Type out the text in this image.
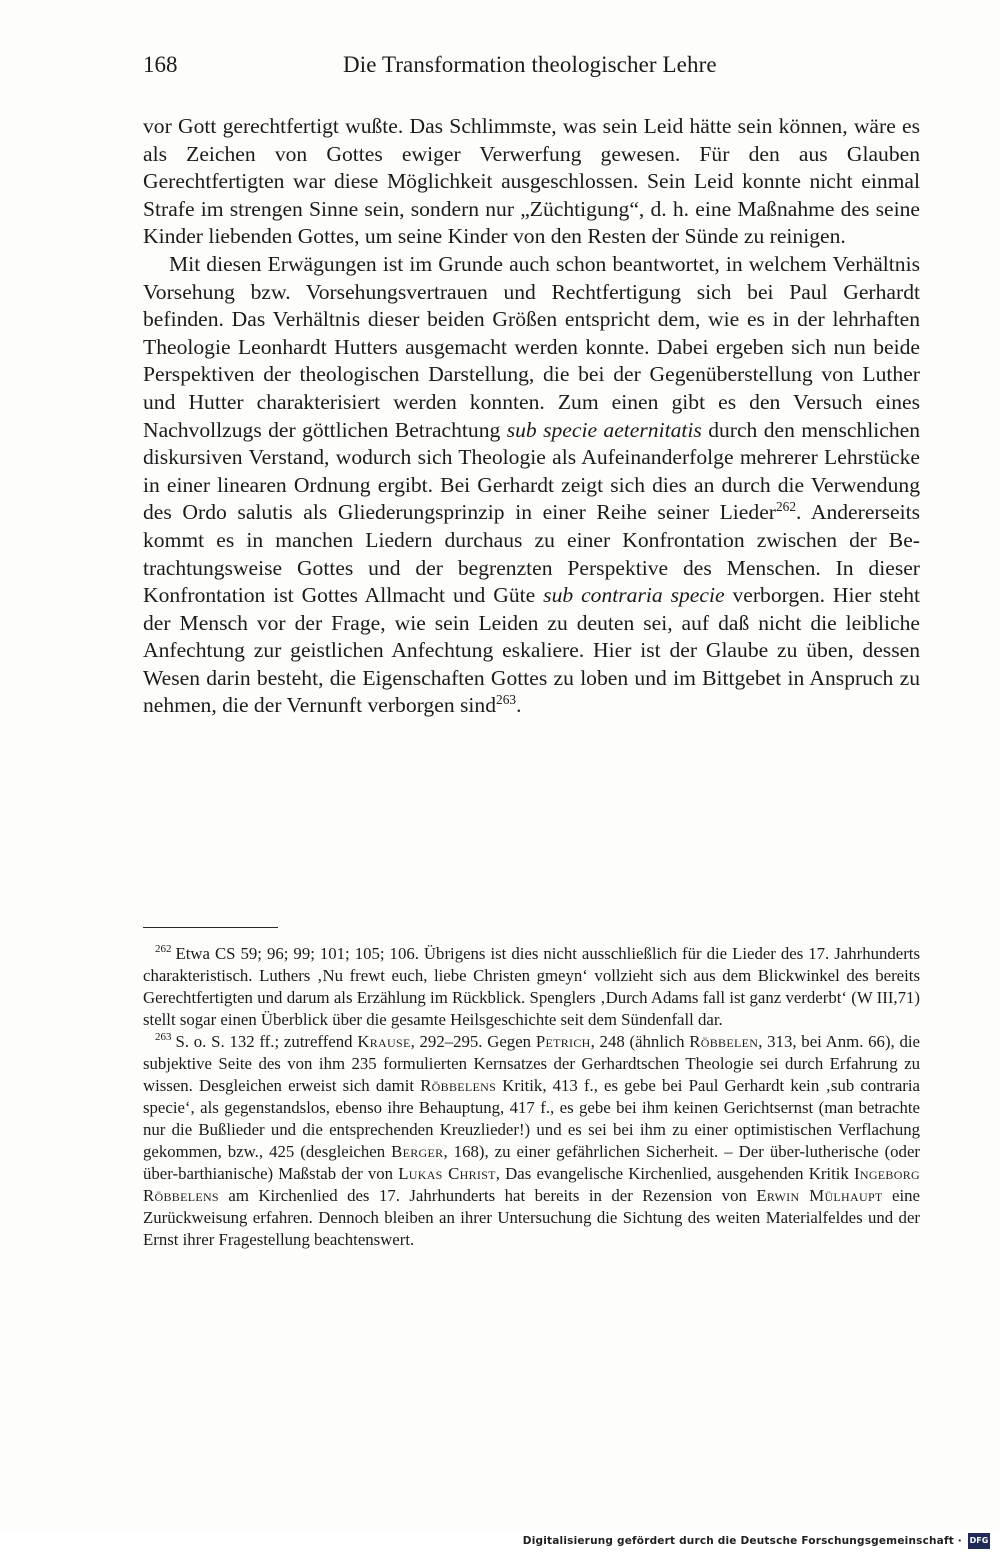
168	Die Transformation theologischer Lehre

vor Gott gerechtfertigt wußte. Das Schlimmste, was sein Leid hätte sein können, wäre es als Zeichen von Gottes ewiger Verwerfung gewesen. Für den aus Glauben Gerechtfertigten war diese Möglichkeit ausgeschlossen. Sein Leid konnte nicht einmal Strafe im strengen Sinne sein, sondern nur „Züchtigung“, d. h. eine Maßnahme des seine Kinder liebenden Gottes, um seine Kinder von den Resten der Sünde zu reinigen.

Mit diesen Erwägungen ist im Grunde auch schon beantwortet, in welchem Verhältnis Vorsehung bzw. Vorsehungsvertrauen und Rechtfertigung sich bei Paul Gerhardt befinden. Das Verhältnis dieser beiden Größen entspricht dem, wie es in der lehrhaften Theologie Leonhardt Hutters ausgemacht werden konnte. Dabei ergeben sich nun beide Perspektiven der theologischen Darstellung, die bei der Gegenüberstellung von Luther und Hutter charakterisiert werden konnten. Zum einen gibt es den Versuch eines Nachvollzugs der göttlichen Betrachtung sub specie aeternitatis durch den menschlichen diskursiven Verstand, wodurch sich Theologie als Aufeinanderfolge mehrerer Lehrstücke in einer linearen Ordnung ergibt. Bei Gerhardt zeigt sich dies an durch die Verwendung des Ordo salutis als Gliederungsprinzip in einer Reihe seiner Lieder$^{262}$. Andererseits kommt es in manchen Liedern durchaus zu einer Konfrontation zwischen der Betrachtungsweise Gottes und der begrenzten Perspektive des Menschen. In dieser Konfrontation ist Gottes Allmacht und Güte sub contraria specie verborgen. Hier steht der Mensch vor der Frage, wie sein Leiden zu deuten sei, auf daß nicht die leibliche Anfechtung zur geistlichen Anfechtung eskaliere. Hier ist der Glaube zu üben, dessen Wesen darin besteht, die Eigenschaften Gottes zu loben und im Bittgebet in Anspruch zu nehmen, die der Vernunft verborgen sind$^{263}$.

$^{262}$ Etwa CS 59; 96; 99; 101; 105; 106. Übrigens ist dies nicht ausschließlich für die Lieder des 17. Jahrhunderts charakteristisch. Luthers ‚Nu frewt euch, liebe Christen gmeyn‘ vollzieht sich aus dem Blickwinkel des bereits Gerechtfertigten und darum als Erzählung im Rückblick. Spenglers ‚Durch Adams fall ist ganz verderbt‘ (W III,71) stellt sogar einen Überblick über die gesamte Heilsgeschichte seit dem Sündenfall dar.

$^{263}$ S. o. S. 132 ff.; zutreffend Krause, 292–295. Gegen Petrich, 248 (ähnlich Röbbelen, 313, bei Anm. 66), die subjektive Seite des von ihm 235 formulierten Kernsatzes der Gerhardtschen Theologie sei durch Erfahrung zu wissen. Desgleichen erweist sich damit Röbbelens Kritik, 413 f., es gebe bei Paul Gerhardt kein ‚sub contraria specie‘, als gegenstandslos, ebenso ihre Behauptung, 417 f., es gebe bei ihm keinen Gerichtsernst (man betrachte nur die Bußlieder und die entsprechenden Kreuzlieder!) und es sei bei ihm zu einer optimistischen Verflachung gekommen, bzw., 425 (desgleichen Berger, 168), zu einer gefährlichen Sicherheit. – Der über-lutherische (oder über-barthianische) Maßstab der von Lukas Christ, Das evangelische Kirchenlied, ausgehenden Kritik Ingeborg Röbbelens am Kirchenlied des 17. Jahrhunderts hat bereits in der Rezension von Erwin Mülhaupt eine Zurückweisung erfahren. Dennoch bleiben an ihrer Untersuchung die Sichtung des weiten Materialfeldes und der Ernst ihrer Fragestellung beachtenswert.

Digitalisierung gefördert durch die Deutsche Forschungsgemeinschaft · DFG
